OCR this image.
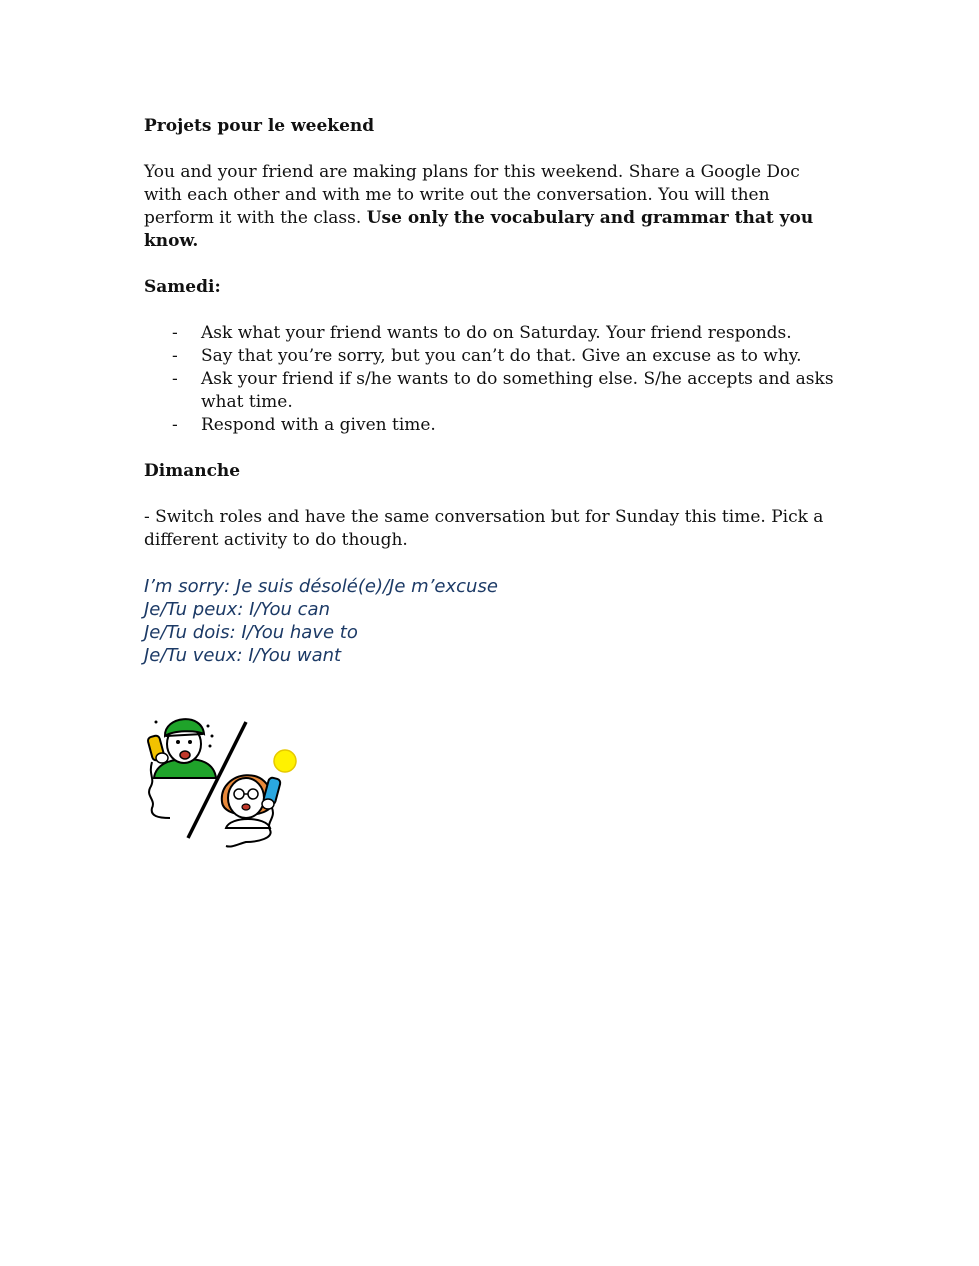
Projets pour le weekend

You and your friend are making plans for this weekend. Share a Google Doc with each other and with me to write out the conversation. You will then perform it with the class. Use only the vocabulary and grammar that you know.

Samedi:

- Ask what your friend wants to do on Saturday. Your friend responds.
- Say that you’re sorry, but you can’t do that. Give an excuse as to why.
- Ask your friend if s/he wants to do something else. S/he accepts and asks what time.
- Respond with a given time.

Dimanche

- Switch roles and have the same conversation but for Sunday this time. Pick a different activity to do though.

I’m sorry: Je suis désolé(e)/Je m’excuse
Je/Tu peux: I/You can
Je/Tu dois: I/You have to
Je/Tu veux: I/You want
